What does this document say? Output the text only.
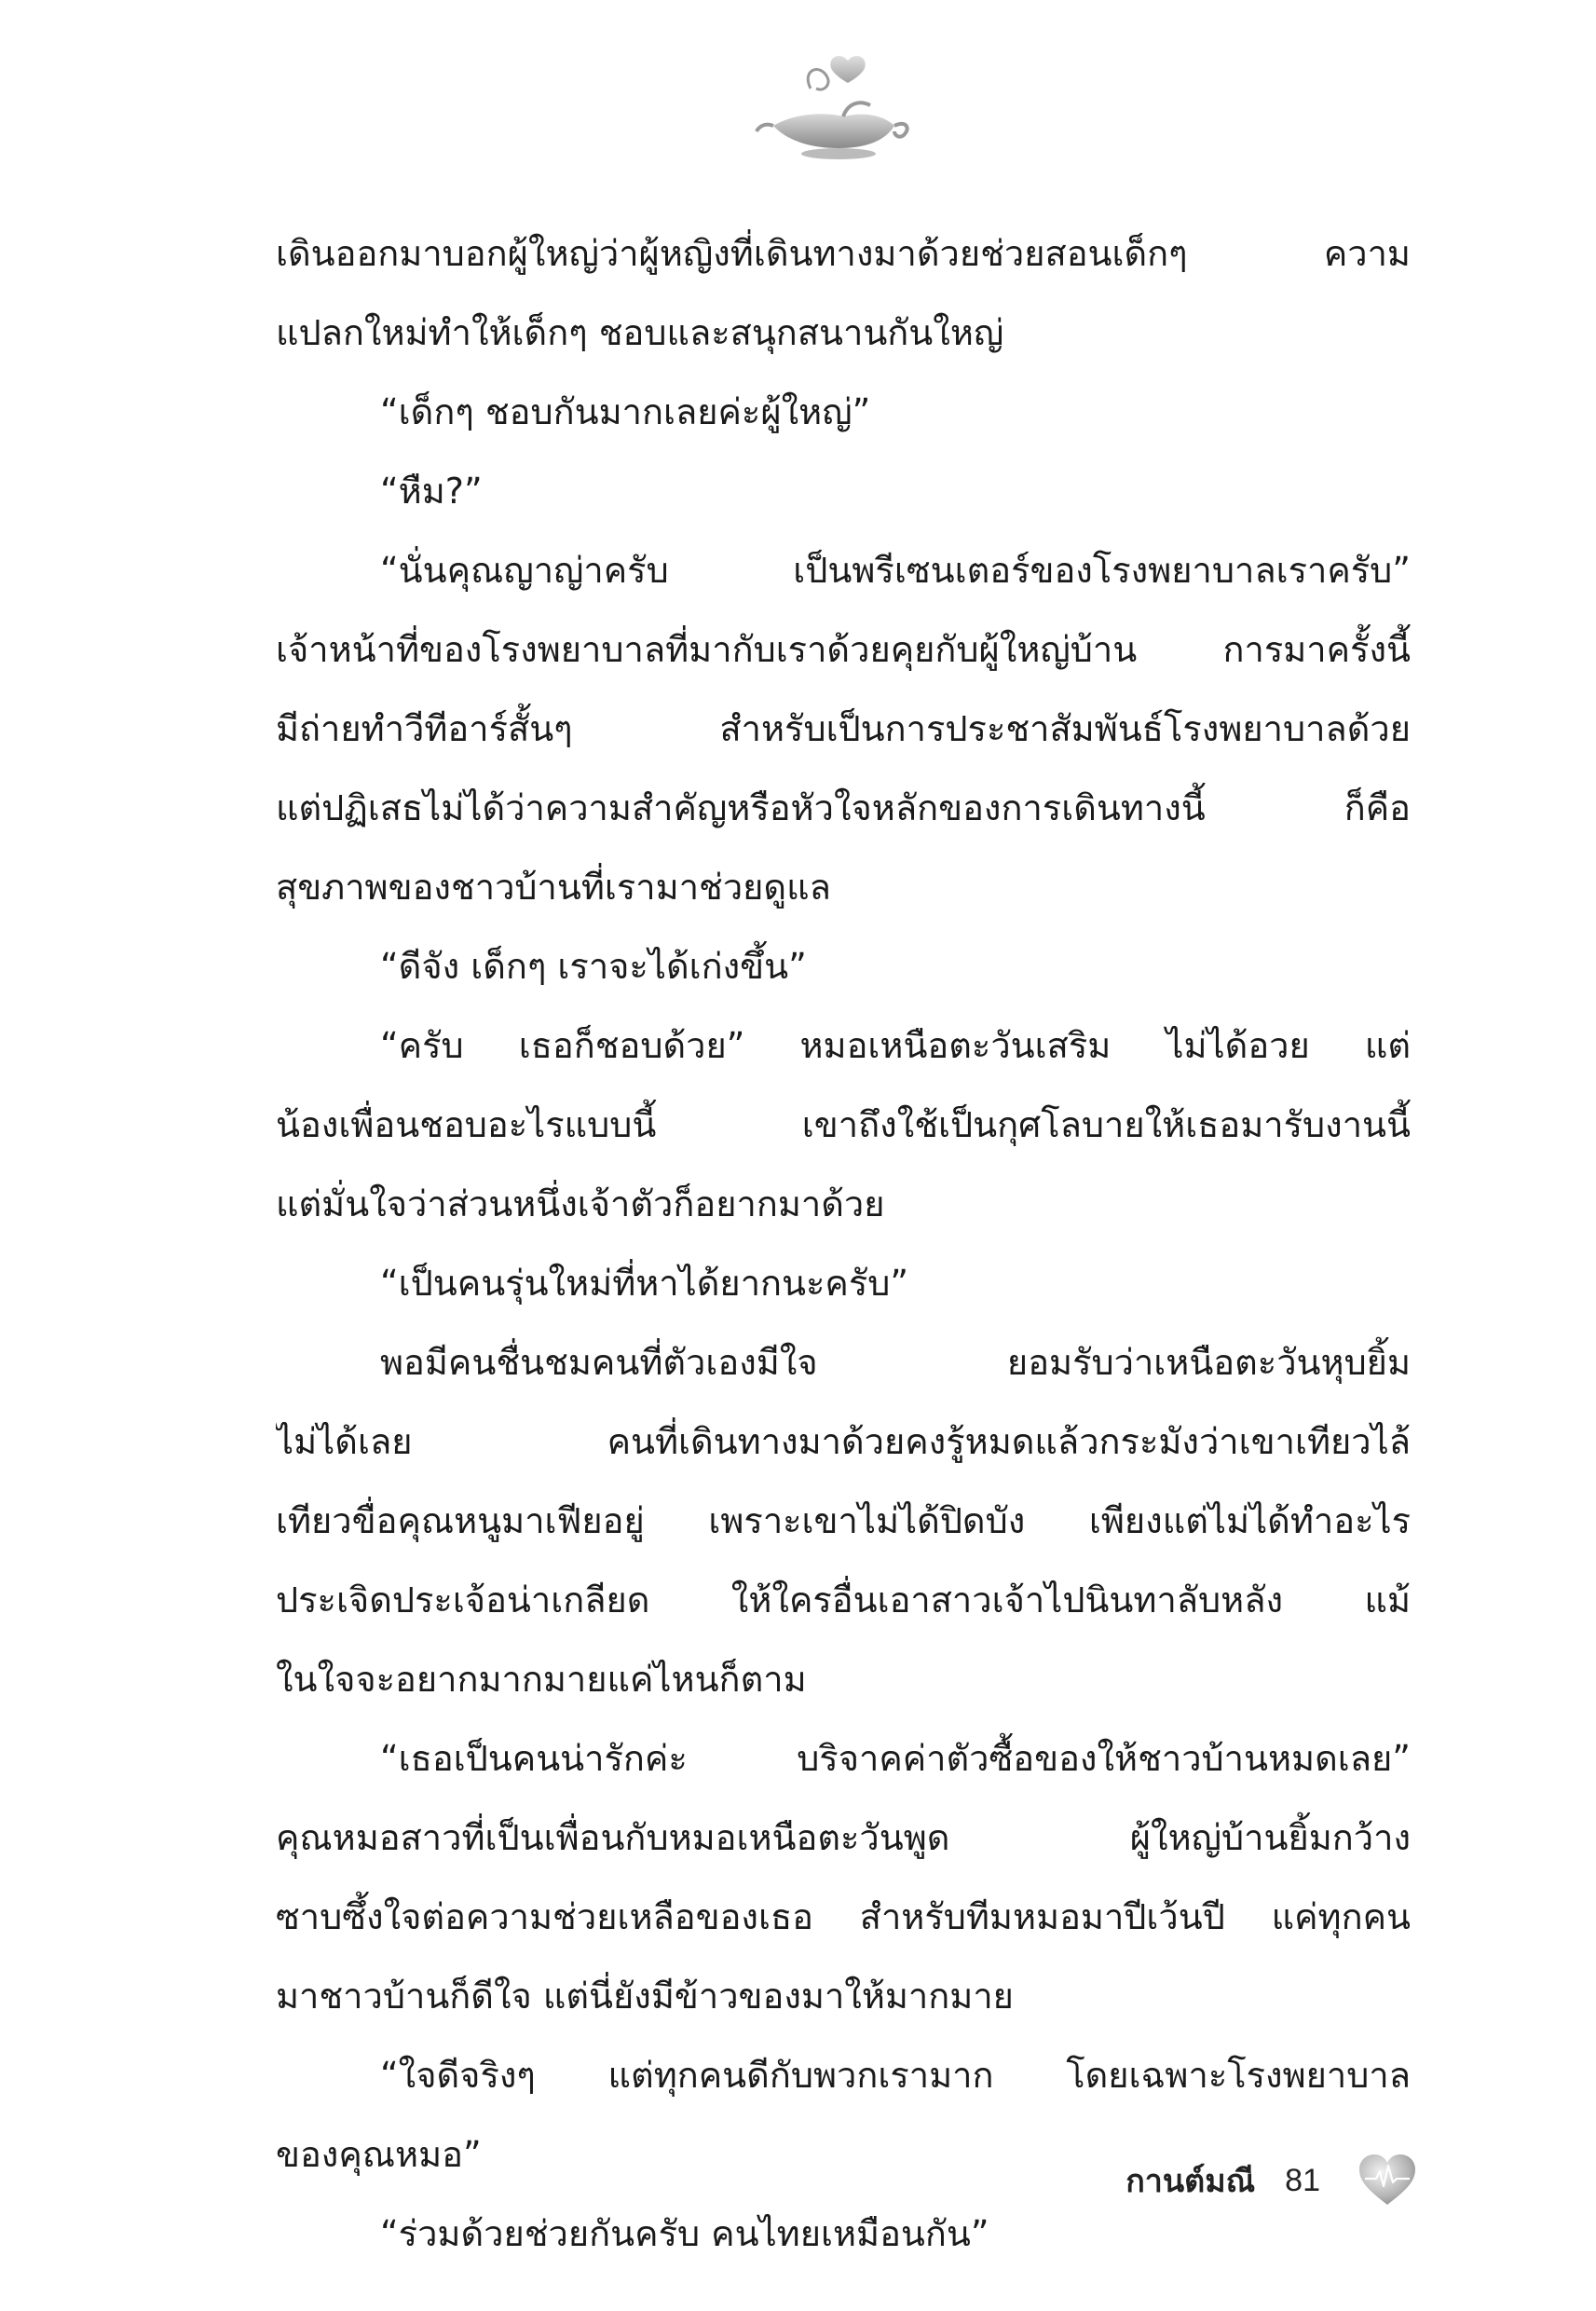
เดินออกมาบอกผู้ใหญ่ว่าผู้หญิงที่เดินทางมาด้วยช่วยสอนเด็กๆ ความ
แปลกใหม่ทำให้เด็กๆ ชอบและสนุกสนานกันใหญ่
“เด็กๆ ชอบกันมากเลยค่ะผู้ใหญ่”
“หืม?”
“นั่นคุณญาญ่าครับ เป็นพรีเซนเตอร์ของโรงพยาบาลเราครับ”
เจ้าหน้าที่ของโรงพยาบาลที่มากับเราด้วยคุยกับผู้ใหญ่บ้าน การมาครั้งนี้
มีถ่ายทำวีทีอาร์สั้นๆ สำหรับเป็นการประชาสัมพันธ์โรงพยาบาลด้วย
แต่ปฏิเสธไม่ได้ว่าความสำคัญหรือหัวใจหลักของการเดินทางนี้ ก็คือ
สุขภาพของชาวบ้านที่เรามาช่วยดูแล
“ดีจัง เด็กๆ เราจะได้เก่งขึ้น”
“ครับ เธอก็ชอบด้วย” หมอเหนือตะวันเสริม ไม่ได้อวย แต่
น้องเพื่อนชอบอะไรแบบนี้ เขาถึงใช้เป็นกุศโลบายให้เธอมารับงานนี้
แต่มั่นใจว่าส่วนหนึ่งเจ้าตัวก็อยากมาด้วย
“เป็นคนรุ่นใหม่ที่หาได้ยากนะครับ”
พอมีคนชื่นชมคนที่ตัวเองมีใจ ยอมรับว่าเหนือตะวันหุบยิ้ม
ไม่ได้เลย คนที่เดินทางมาด้วยคงรู้หมดแล้วกระมังว่าเขาเทียวไล้
เทียวขื่อคุณหนูมาเฟียอยู่ เพราะเขาไม่ได้ปิดบัง เพียงแต่ไม่ได้ทำอะไร
ประเจิดประเจ้อน่าเกลียด ให้ใครอื่นเอาสาวเจ้าไปนินทาลับหลัง แม้
ในใจจะอยากมากมายแค่ไหนก็ตาม
“เธอเป็นคนน่ารักค่ะ บริจาคค่าตัวซื้อของให้ชาวบ้านหมดเลย”
คุณหมอสาวที่เป็นเพื่อนกับหมอเหนือตะวันพูด ผู้ใหญ่บ้านยิ้มกว้าง
ซาบซึ้งใจต่อความช่วยเหลือของเธอ สำหรับทีมหมอมาปีเว้นปี แค่ทุกคน
มาชาวบ้านก็ดีใจ แต่นี่ยังมีข้าวของมาให้มากมาย
“ใจดีจริงๆ แต่ทุกคนดีกับพวกเรามาก โดยเฉพาะโรงพยาบาล
ของคุณหมอ”
“ร่วมด้วยช่วยกันครับ คนไทยเหมือนกัน”
กานต์มณี 81
